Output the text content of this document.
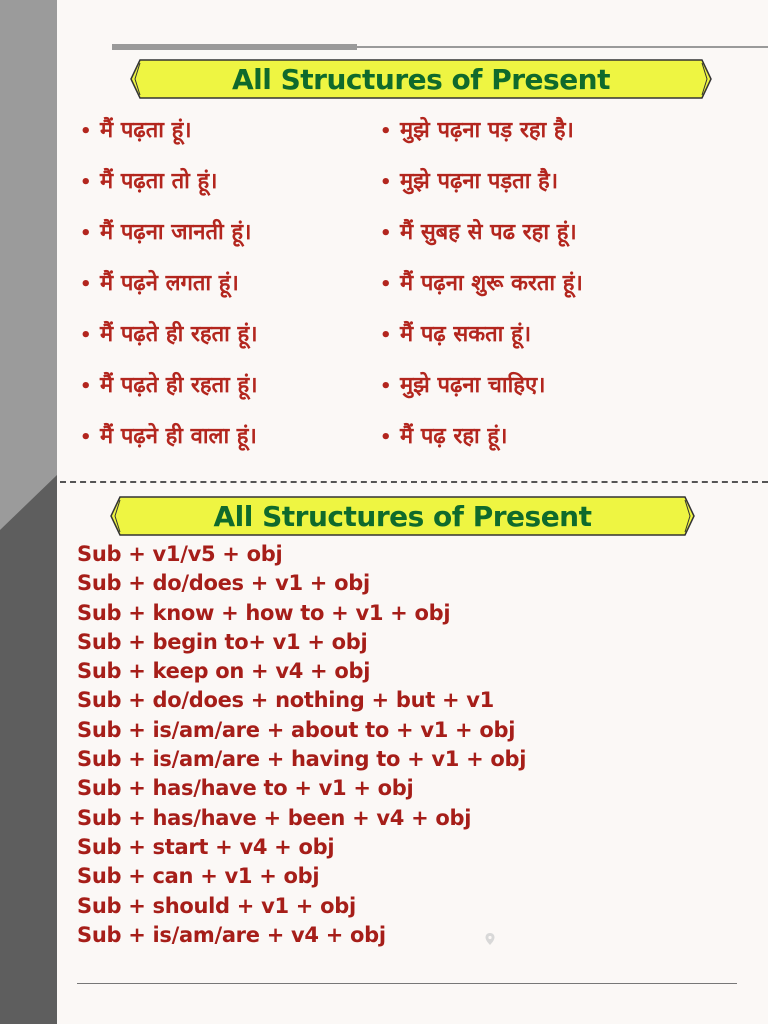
All Structures of Present
• मैं पढ़ता हूं।
• मैं पढ़ता तो हूं।
• मैं पढ़ना जानती हूं।
• मैं पढ़ने लगता हूं।
• मैं पढ़ते ही रहता हूं।
• मैं पढ़ते ही रहता हूं।
• मैं पढ़ने ही वाला हूं।
• मुझे पढ़ना पड़ रहा है।
• मुझे पढ़ना पड़ता है।
• मैं सुबह से पढ रहा हूं।
• मैं पढ़ना शुरू करता हूं।
• मैं पढ़ सकता हूं।
• मुझे पढ़ना चाहिए।
• मैं पढ़ रहा हूं।
All Structures of Present
Sub + v1/v5 + obj
Sub + do/does + v1 + obj
Sub + know + how to + v1 + obj
Sub + begin to+ v1 + obj
Sub + keep on + v4 + obj
Sub + do/does + nothing + but + v1
Sub + is/am/are + about to + v1 + obj
Sub + is/am/are + having to + v1 + obj
Sub + has/have to + v1 + obj
Sub + has/have + been + v4 + obj
Sub + start + v4 + obj
Sub + can + v1 + obj
Sub + should + v1 + obj
Sub + is/am/are + v4 + obj
